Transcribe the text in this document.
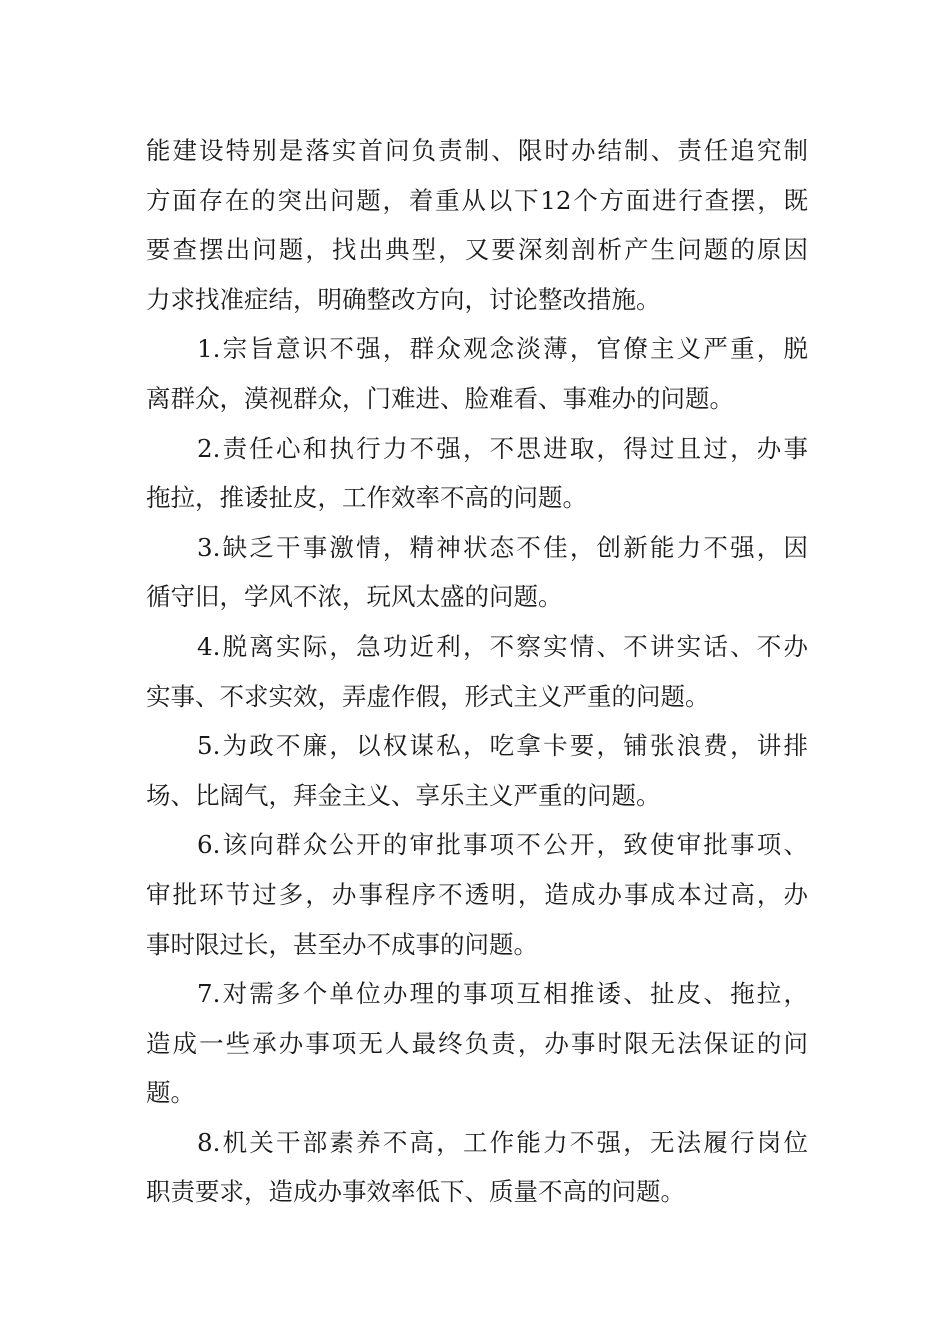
能建设特别是落实首问负责制、限时办结制、责任追究制
方面存在的突出问题，着重从以下12个方面进行查摆，既
要查摆出问题，找出典型，又要深刻剖析产生问题的原因
力求找准症结，明确整改方向，讨论整改措施。
1.宗旨意识不强，群众观念淡薄，官僚主义严重，脱
离群众，漠视群众，门难进、脸难看、事难办的问题。
2.责任心和执行力不强，不思进取，得过且过，办事
拖拉，推诿扯皮，工作效率不高的问题。
3.缺乏干事激情，精神状态不佳，创新能力不强，因
循守旧，学风不浓，玩风太盛的问题。
4.脱离实际，急功近利，不察实情、不讲实话、不办
实事、不求实效，弄虚作假，形式主义严重的问题。
5.为政不廉，以权谋私，吃拿卡要，铺张浪费，讲排
场、比阔气，拜金主义、享乐主义严重的问题。
6.该向群众公开的审批事项不公开，致使审批事项、
审批环节过多，办事程序不透明，造成办事成本过高，办
事时限过长，甚至办不成事的问题。
7.对需多个单位办理的事项互相推诿、扯皮、拖拉，
造成一些承办事项无人最终负责，办事时限无法保证的问
题。
8.机关干部素养不高，工作能力不强，无法履行岗位
职责要求，造成办事效率低下、质量不高的问题。
